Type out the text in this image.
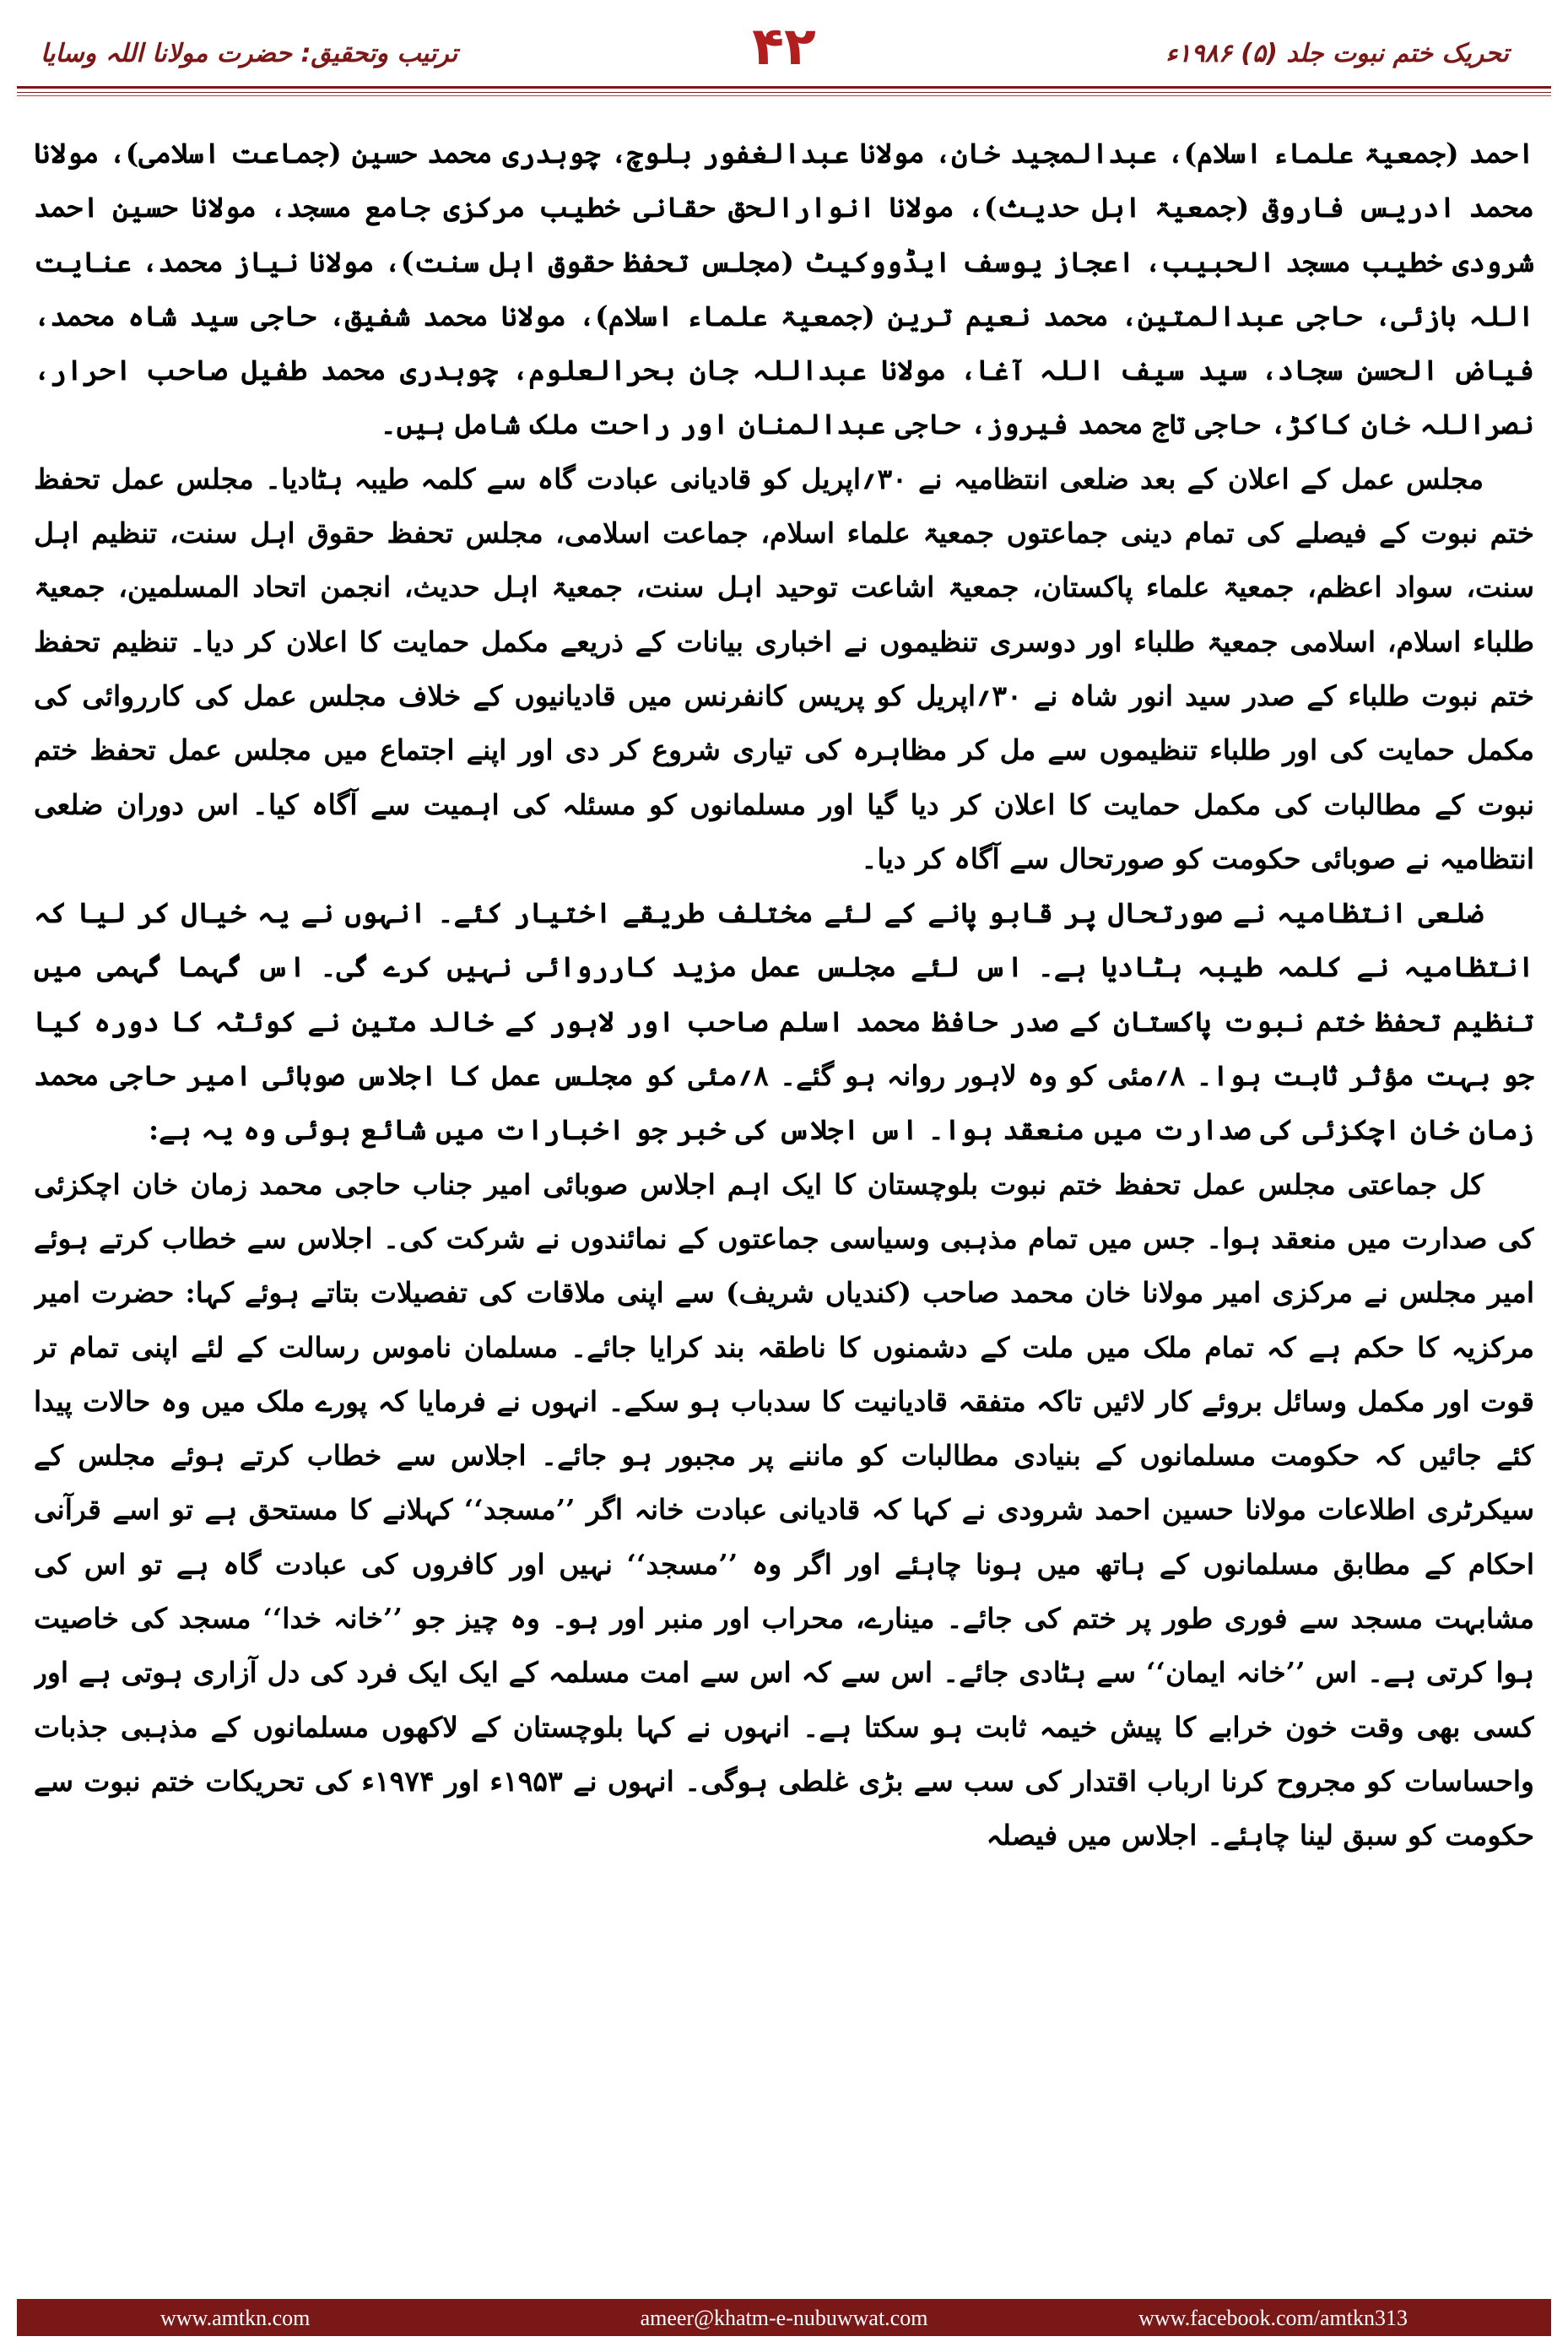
تحریک ختم نبوت جلد (۵) ۱۹۸۶ء
۴۲
ترتیب وتحقیق: حضرت مولانا اللہ وسایا

احمد (جمعیۃ علماء اسلام)، عبدالمجید خان، مولانا عبدالغفور بلوچ، چوہدری محمد حسین (جماعت اسلامی)، مولانا محمد ادریس فاروقی (جمعیۃ اہل حدیث)، مولانا انوارالحق حقانی خطیب مرکزی جامع مسجد، مولانا حسین احمد شرودی خطیب مسجد الحبیب، اعجاز یوسف ایڈووکیٹ (مجلس تحفظ حقوق اہل سنت)، مولانا نیاز محمد، عنایت اللہ بازئی، حاجی عبدالمتین، محمد نعیم ترین (جمعیۃ علماء اسلام)، مولانا محمد شفیق، حاجی سید شاہ محمد، فیاض الحسن سجاد، سید سیف اللہ آغا، مولانا عبداللہ جان بحرالعلوم، چوہدری محمد طفیل صاحب احرار، نصراللہ خان کاکڑ، حاجی تاج محمد فیروز، حاجی عبدالمنان اور راحت ملک شامل ہیں۔

مجلس عمل کے اعلان کے بعد ضلعی انتظامیہ نے ۳۰؍اپریل کو قادیانی عبادت گاہ سے کلمہ طیبہ ہٹادیا۔ مجلس عمل تحفظ ختم نبوت کے فیصلے کی تمام دینی جماعتوں جمعیۃ علماء اسلام، جماعت اسلامی، مجلس تحفظ حقوق اہل سنت، تنظیم اہل سنت، سواد اعظم، جمعیۃ علماء پاکستان، جمعیۃ اشاعت توحید اہل سنت، جمعیۃ اہل حدیث، انجمن اتحاد المسلمین، جمعیۃ طلباء اسلام، اسلامی جمعیۃ طلباء اور دوسری تنظیموں نے اخباری بیانات کے ذریعے مکمل حمایت کا اعلان کر دیا۔ تنظیم تحفظ ختم نبوت طلباء کے صدر سید انور شاہ نے ۳۰؍اپریل کو پریس کانفرنس میں قادیانیوں کے خلاف مجلس عمل کی کارروائی کی مکمل حمایت کی اور طلباء تنظیموں سے مل کر مظاہرہ کی تیاری شروع کر دی اور اپنے اجتماع میں مجلس عمل تحفظ ختم نبوت کے مطالبات کی مکمل حمایت کا اعلان کر دیا گیا اور مسلمانوں کو مسئلہ کی اہمیت سے آگاہ کیا۔ اس دوران ضلعی انتظامیہ نے صوبائی حکومت کو صورتحال سے آگاہ کر دیا۔

ضلعی انتظامیہ نے صورتحال پر قابو پانے کے لئے مختلف طریقے اختیار کئے۔ انہوں نے یہ خیال کر لیا کہ انتظامیہ نے کلمہ طیبہ ہٹادیا ہے۔ اس لئے مجلس عمل مزید کارروائی نہیں کرے گی۔ اس گہما گہمی میں تنظیم تحفظ ختم نبوت پاکستان کے صدر حافظ محمد اسلم صاحب اور لاہور کے خالد متین نے کوئٹہ کا دورہ کیا جو بہت مؤثر ثابت ہوا۔ ۸؍مئی کو وہ لاہور روانہ ہو گئے۔ ۸؍مئی کو مجلس عمل کا اجلاس صوبائی امیر حاجی محمد زمان خان اچکزئی کی صدارت میں منعقد ہوا۔ اس اجلاس کی خبر جو اخبارات میں شائع ہوئی وہ یہ ہے:

کل جماعتی مجلس عمل تحفظ ختم نبوت بلوچستان کا ایک اہم اجلاس صوبائی امیر جناب حاجی محمد زمان خان اچکزئی کی صدارت میں منعقد ہوا۔ جس میں تمام مذہبی وسیاسی جماعتوں کے نمائندوں نے شرکت کی۔ اجلاس سے خطاب کرتے ہوئے امیر مجلس نے مرکزی امیر مولانا خان محمد صاحب (کندیاں شریف) سے اپنی ملاقات کی تفصیلات بتاتے ہوئے کہا: حضرت امیر مرکزیہ کا حکم ہے کہ تمام ملک میں ملت کے دشمنوں کا ناطقہ بند کرایا جائے۔ مسلمان ناموس رسالت کے لئے اپنی تمام تر قوت اور مکمل وسائل بروئے کار لائیں تاکہ متفقہ قادیانیت کا سدباب ہو سکے۔ انہوں نے فرمایا کہ پورے ملک میں وہ حالات پیدا کئے جائیں کہ حکومت مسلمانوں کے بنیادی مطالبات کو ماننے پر مجبور ہو جائے۔ اجلاس سے خطاب کرتے ہوئے مجلس کے سیکرٹری اطلاعات مولانا حسین احمد شرودی نے کہا کہ قادیانی عبادت خانہ اگر ’’مسجد‘‘ کہلانے کا مستحق ہے تو اسے قرآنی احکام کے مطابق مسلمانوں کے ہاتھ میں ہونا چاہئے اور اگر وہ ’’مسجد‘‘ نہیں اور کافروں کی عبادت گاہ ہے تو اس کی مشابہت مسجد سے فوری طور پر ختم کی جائے۔ مینارے، محراب اور منبر اور ہو۔ وہ چیز جو ’’خانہ خدا‘‘ مسجد کی خاصیت ہوا کرتی ہے۔ اس ’’خانہ ایمان‘‘ سے ہٹادی جائے۔ اس سے کہ اس سے امت مسلمہ کے ایک ایک فرد کی دل آزاری ہوتی ہے اور کسی بھی وقت خون خرابے کا پیش خیمہ ثابت ہو سکتا ہے۔ انہوں نے کہا بلوچستان کے لاکھوں مسلمانوں کے مذہبی جذبات واحساسات کو مجروح کرنا ارباب اقتدار کی سب سے بڑی غلطی ہوگی۔ انہوں نے ۱۹۵۳ء اور ۱۹۷۴ء کی تحریکات ختم نبوت سے حکومت کو سبق لینا چاہئے۔ اجلاس میں فیصلہ

www.amtkn.com	ameer@khatm-e-nubuwwat.com	www.facebook.com/amtkn313
